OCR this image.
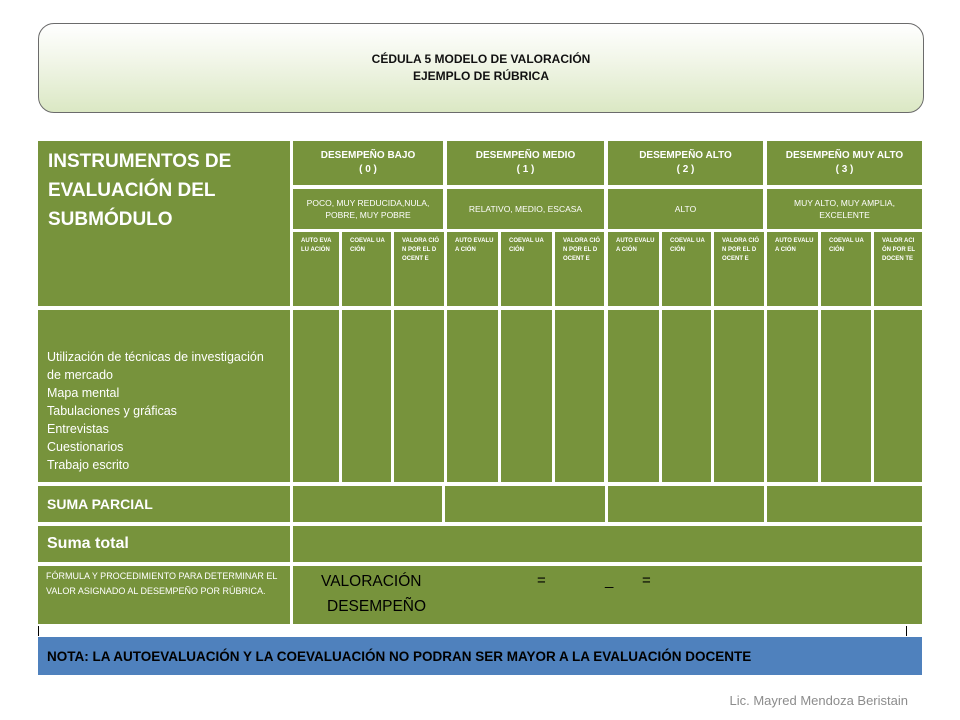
CÉDULA 5 MODELO DE VALORACIÓN
EJEMPLO DE RÚBRICA
INSTRUMENTOS DE EVALUACIÓN DEL SUBMÓDULO
DESEMPEÑO BAJO
( 0 )
DESEMPEÑO MEDIO
( 1 )
DESEMPEÑO ALTO
( 2 )
DESEMPEÑO MUY ALTO
( 3 )
POCO, MUY REDUCIDA,NULA, POBRE, MUY POBRE
RELATIVO, MEDIO, ESCASA	ALTO
MUY ALTO, MUY AMPLIA, EXCELENTE
AUTO EVALU ACIÓN
COEVAL UACIÓN
VALORA CIÓN POR EL DOCENT E
AUTO EVALUA CIÓN
COEVAL UACIÓN
VALORA CIÓN POR EL DOCENT E
AUTO EVALUA CIÓN
COEVAL UACIÓN
VALORA CIÓN POR EL DOCENT E
AUTO EVALUA CIÓN
COEVAL UACIÓN
VALOR ACIÓN POR EL DOCEN TE
Utilización de técnicas de investigación de mercado
Mapa mental
Tabulaciones y gráficas
Entrevistas
Cuestionarios
Trabajo escrito
SUMA PARCIAL
Suma total
FÓRMULA Y PROCEDIMIENTO PARA DETERMINAR EL VALOR ASIGNADO AL DESEMPEÑO POR RÚBRICA.
VALORACIÓN
DESEMPEÑO
=	_ =
NOTA: LA AUTOEVALUACIÓN Y LA COEVALUACIÓN NO PODRAN SER MAYOR A LA EVALUACIÓN DOCENTE
Lic. Mayred Mendoza Beristain
